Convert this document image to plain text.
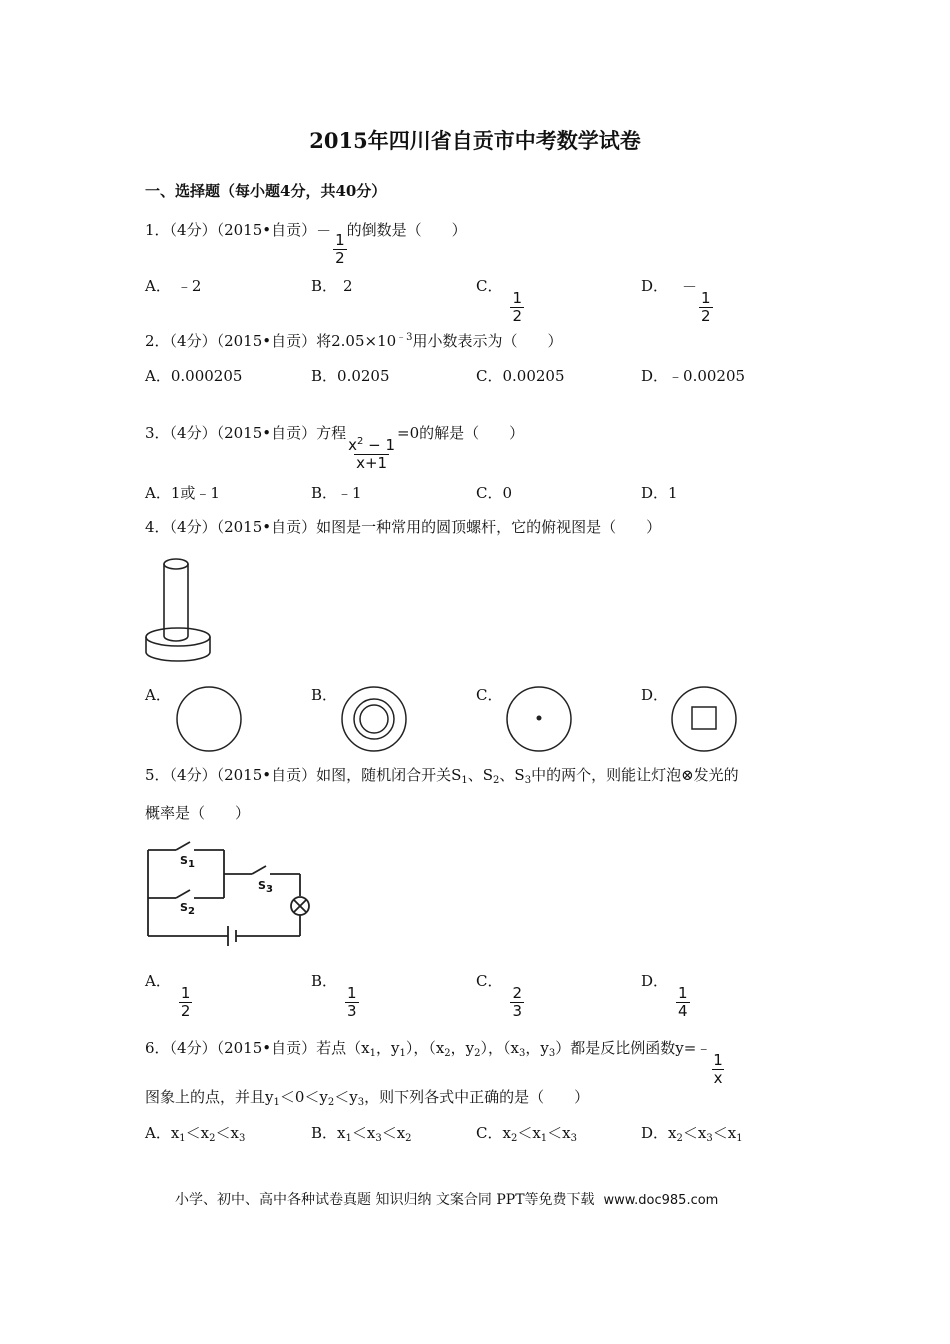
2015年四川省自贡市中考数学试卷
一、选择题（每小题4分，共40分）
1．（4分）（2015•自贡）－
$\frac{1}{2}$
的倒数是（　　）
A． ﹣2	B． 2	C．
$\frac{1}{2}$
D． －
$\frac{1}{2}$
2．（4分）（2015•自贡）将$2.05\times 10^{﹣3}$用小数表示为（　　）
A．0.000205	B．0.0205	C．0.00205	D．﹣0.00205
3．（4分）（2015•自贡）方程
$\frac{x^2 - 1}{x+1}$
=0的解是（　　）
A．1或﹣1	B．﹣1	C．0	D．1
4．（4分）（2015•自贡）如图是一种常用的圆顶螺杆，它的俯视图是（　　）
A．	B．	C．	D．
5．（4分）（2015•自贡）如图，随机闭合开关$S_1$、$S_2$、$S_3$中的两个，则能让灯泡⊗发光的
概率是（　　）
$S_1$
$S_2$
$S_3$
A．
$\frac{1}{2}$
B．
$\frac{1}{3}$
C．
$\frac{2}{3}$
D．
$\frac{1}{4}$
6．（4分）（2015•自贡）若点（$x_1$，$y_1$），（$x_2$，$y_2$），（$x_3$，$y_3$）都是反比例函数y=﹣
$\frac{1}{x}$
图象上的点，并且$y_1<0<y_2<y_3$，则下列各式中正确的是（　　）
A．$x_1<x_2<x_3$	B．$x_1<x_3<x_2$	C．$x_2<x_1<x_3$	D．$x_2<x_3<x_1$
小学、初中、高中各种试卷真题 知识归纳 文案合同 PPT等免费下载 www.doc985.com
